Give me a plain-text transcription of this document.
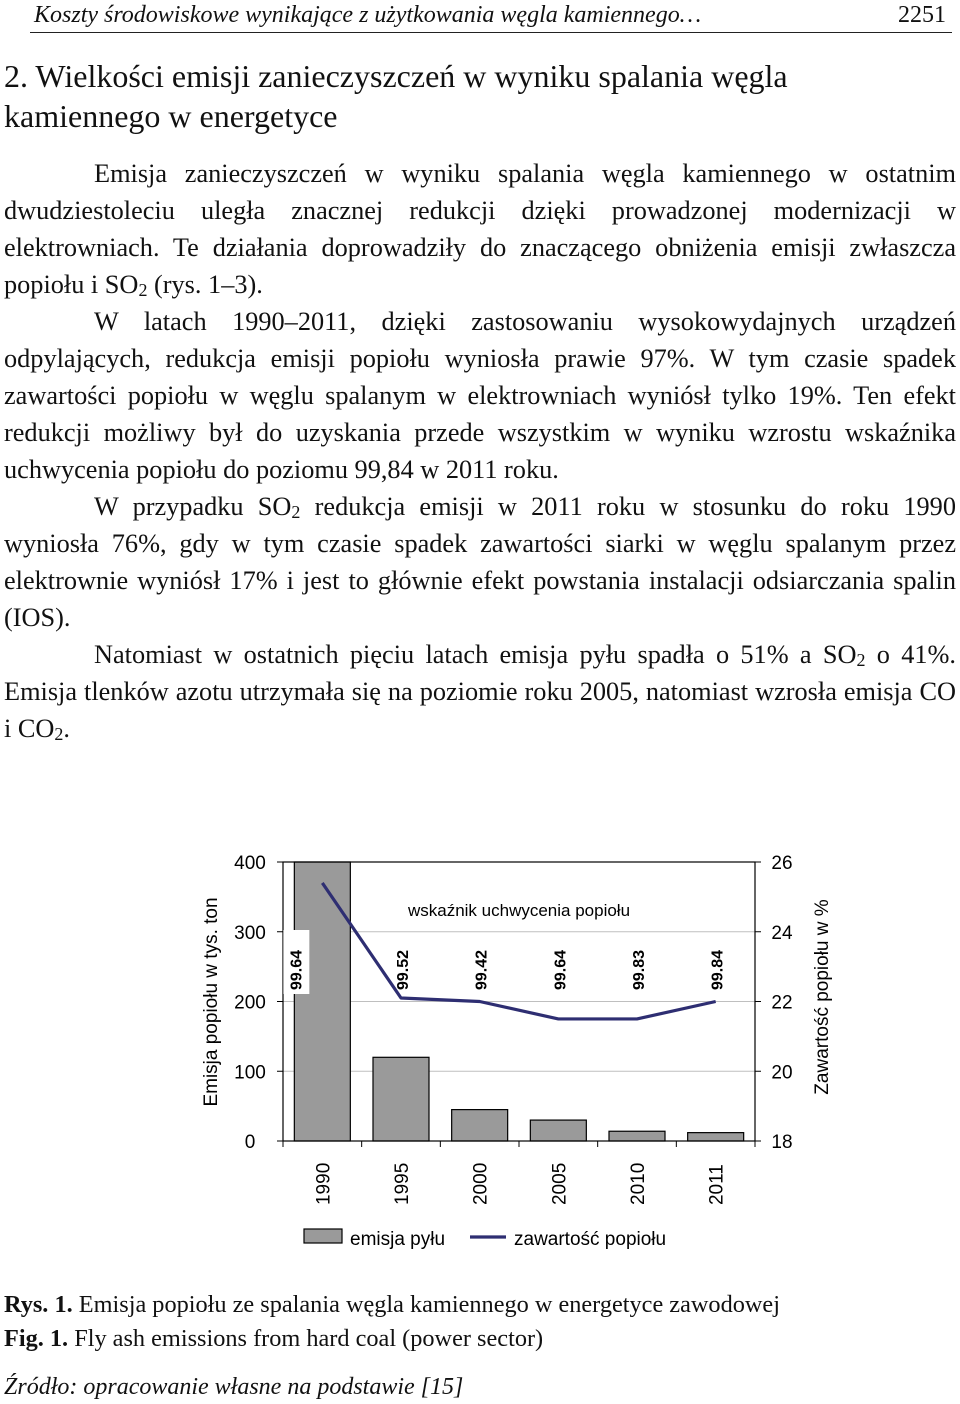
Koszty środowiskowe wynikające z użytkowania węgla kamiennego…	2251
2. Wielkości emisji zanieczyszczeń w wyniku spalania węgla kamiennego w energetyce

Emisja zanieczyszczeń w wyniku spalania węgla kamiennego w ostatnim dwudziestoleciu uległa znacznej redukcji dzięki prowadzonej modernizacji w elektrowniach. Te działania doprowadziły do znaczącego obniżenia emisji zwłaszcza popiołu i $SO_2$ (rys. 1–3).

W latach 1990–2011, dzięki zastosowaniu wysokowydajnych urządzeń odpylających, redukcja emisji popiołu wyniosła prawie 97%. W tym czasie spadek zawartości popiołu w węglu spalanym w elektrowniach wyniósł tylko 19%. Ten efekt redukcji możliwy był do uzyskania przede wszystkim w wyniku wzrostu wskaźnika uchwycenia popiołu do poziomu 99,84 w 2011 roku.

W przypadku $SO_2$ redukcja emisji w 2011 roku w stosunku do roku 1990 wyniosła 76%, gdy w tym czasie spadek zawartości siarki w węglu spalanym przez elektrownie wyniósł 17% i jest to głównie efekt powstania instalacji odsiarczania spalin (IOS).

Natomiast w ostatnich pięciu latach emisja pyłu spadła o 51% a $SO_2$ o 41%. Emisja tlenków azotu utrzymała się na poziomie roku 2005, natomiast wzrosła emisja CO i $CO_2$.

0
100
200
300
400
18
20
22
24
26
1990	1995	2000	2005	2010	2011
99.64	99.52	99.42	99.64	99.83	99.84
wskaźnik uchwycenia popiołu
Emisja popiołu w tys. ton	Zawartość popiołu w %
emisja pyłu	zawartość popiołu
Rys. 1. Emisja popiołu ze spalania węgla kamiennego w energetyce zawodowej
Fig. 1. Fly ash emissions from hard coal (power sector)
Źródło: opracowanie własne na podstawie [15]
